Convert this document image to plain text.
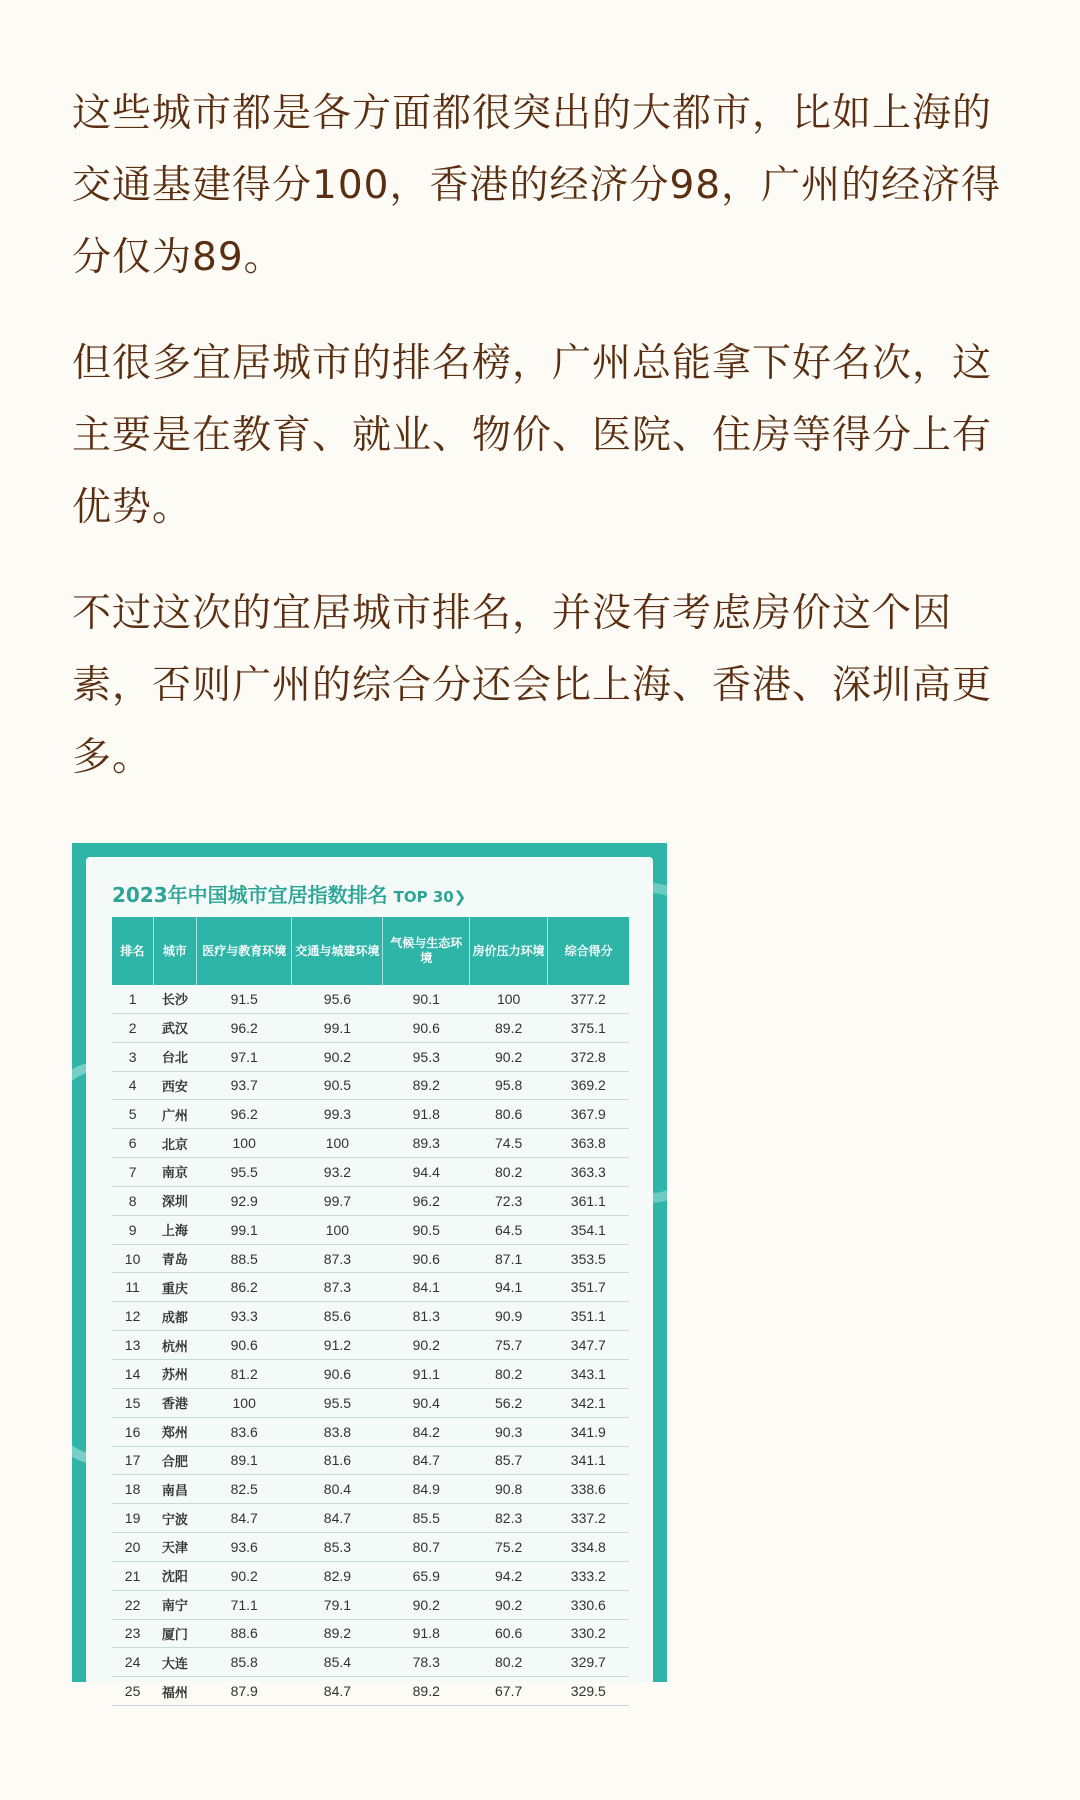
这些城市都是各方面都很突出的大都市，比如上海的交通基建得分100，香港的经济分98，广州的经济得分仅为89。

但很多宜居城市的排名榜，广州总能拿下好名次，这主要是在教育、就业、物价、医院、住房等得分上有优势。

不过这次的宜居城市排名，并没有考虑房价这个因素，否则广州的综合分还会比上海、香港、深圳高更多。

2023年中国城市宜居指数排名 TOP 30❯
排名	城市	医疗与教育环境	交通与城建环境	气候与生态环境	房价压力环境	综合得分
1	长沙	91.5	95.6	90.1	100	377.2
2	武汉	96.2	99.1	90.6	89.2	375.1
3	台北	97.1	90.2	95.3	90.2	372.8
4	西安	93.7	90.5	89.2	95.8	369.2
5	广州	96.2	99.3	91.8	80.6	367.9
6	北京	100	100	89.3	74.5	363.8
7	南京	95.5	93.2	94.4	80.2	363.3
8	深圳	92.9	99.7	96.2	72.3	361.1
9	上海	99.1	100	90.5	64.5	354.1
10	青岛	88.5	87.3	90.6	87.1	353.5
11	重庆	86.2	87.3	84.1	94.1	351.7
12	成都	93.3	85.6	81.3	90.9	351.1
13	杭州	90.6	91.2	90.2	75.7	347.7
14	苏州	81.2	90.6	91.1	80.2	343.1
15	香港	100	95.5	90.4	56.2	342.1
16	郑州	83.6	83.8	84.2	90.3	341.9
17	合肥	89.1	81.6	84.7	85.7	341.1
18	南昌	82.5	80.4	84.9	90.8	338.6
19	宁波	84.7	84.7	85.5	82.3	337.2
20	天津	93.6	85.3	80.7	75.2	334.8
21	沈阳	90.2	82.9	65.9	94.2	333.2
22	南宁	71.1	79.1	90.2	90.2	330.6
23	厦门	88.6	89.2	91.8	60.6	330.2
24	大连	85.8	85.4	78.3	80.2	329.7
25	福州	87.9	84.7	89.2	67.7	329.5
